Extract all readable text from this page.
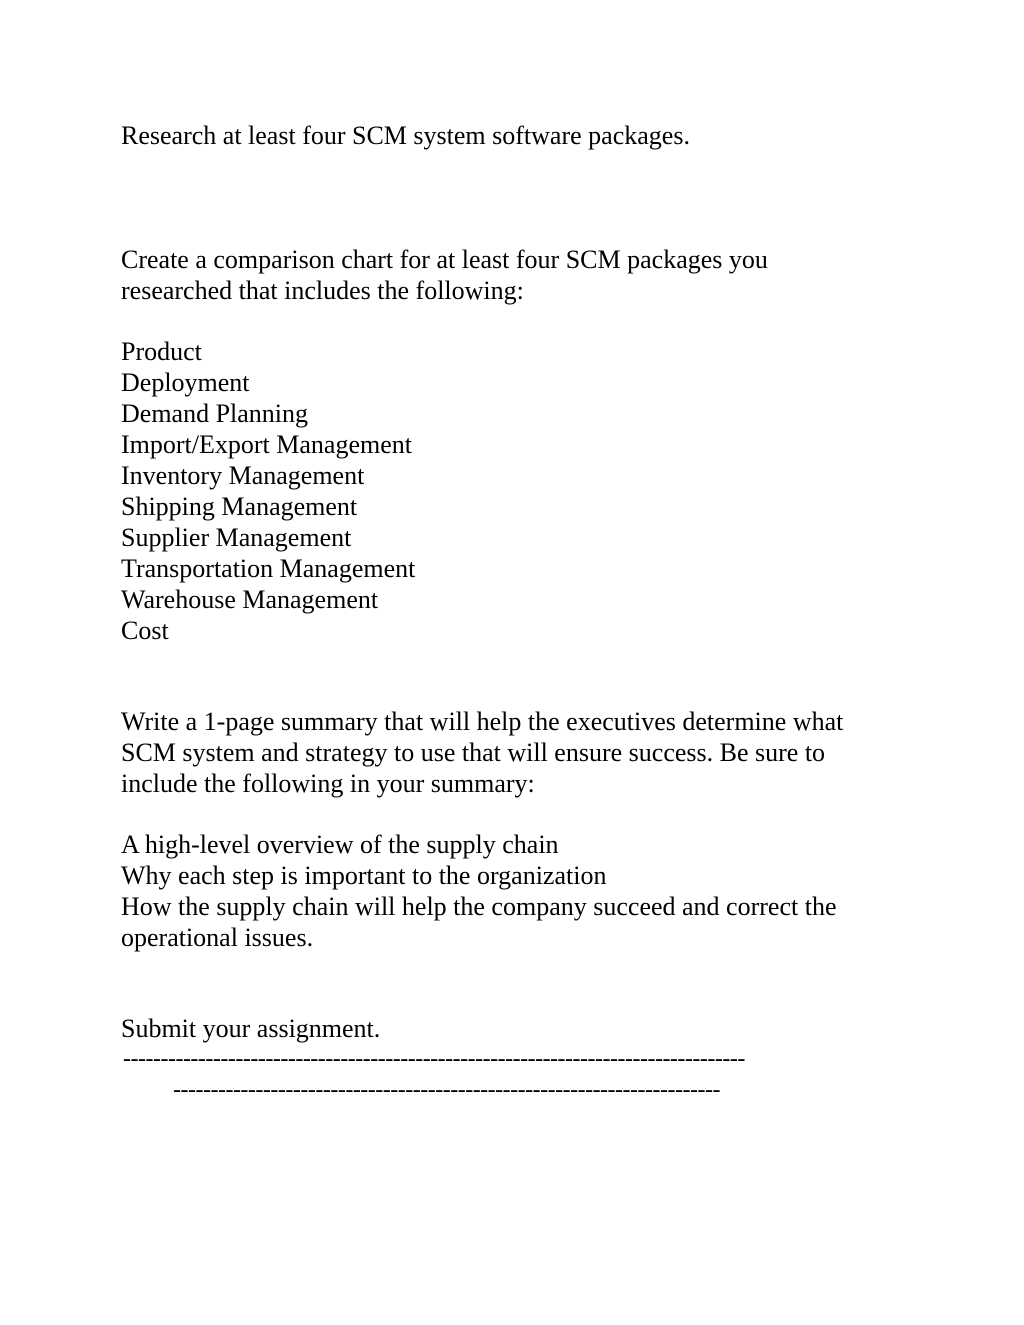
Research at least four SCM system software packages.

Create a comparison chart for at least four SCM packages you
researched that includes the following:

Product
Deployment
Demand Planning
Import/Export Management
Inventory Management
Shipping Management
Supplier Management
Transportation Management
Warehouse Management
Cost

Write a 1-page summary that will help the executives determine what
SCM system and strategy to use that will ensure success. Be sure to
include the following in your summary:

A high-level overview of the supply chain
Why each step is important to the organization
How the supply chain will help the company succeed and correct the
operational issues.

Submit your assignment.

-----------------------------------------------------------------------------------
-------------------------------------------------------------------------
